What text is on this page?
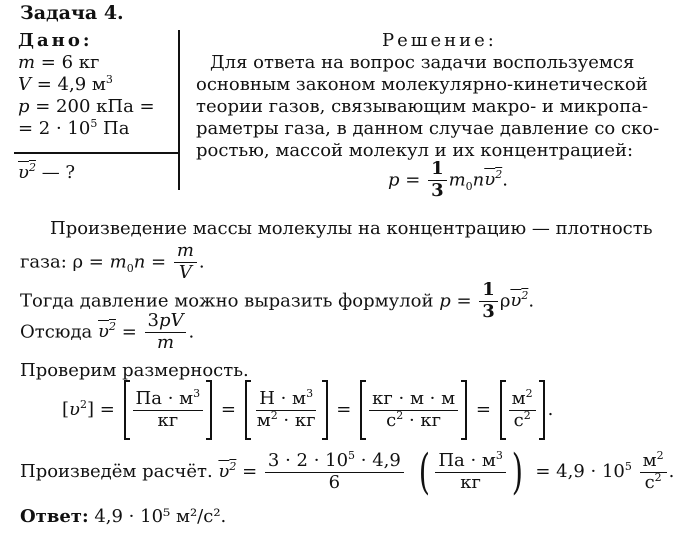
Задача 4.
Дано:
m = 6 кг
V = 4,9 $м^3$
p = 200 кПа =
= $2 \cdot 10^5$ Па
$\upsilon^2$ — ?
Решение:
Для ответа на вопрос задачи воспользуемся
основным законом молекулярно-кинетической
теории газов, связывающим макро- и микропа-
раметры газа, в данном случае давление со ско-
ростью, массой молекул и их концентрацией:
$p = \frac{1}{3} m_0n\upsilon^2$.
Произведение массы молекулы на концентрацию — плотность
газа: $\rho = m_0n = \frac{m}{V}$ .
Тогда давление можно выразить формулой $p = \frac{1}{3} \rho\upsilon^2$.
Отсюда $\upsilon^2 = \frac{3pV}{m}$ .
Проверим размерность.
$[\upsilon^2] = \frac{Па \cdot м^3}{кг} = \frac{Н \cdot м^3}{м^2 \cdot кг} = \frac{кг \cdot м \cdot м}{с^2 \cdot кг} = \frac{м^2}{с^2}$ .
Произведём расчёт. $\upsilon^2 = \frac{3 \cdot 2 \cdot 10^5 \cdot 4,9}{6}$
( $\frac{Па \cdot м^3}{кг}$ ) = $4,9 \cdot 10^5 \frac{м^2}{с^2}$ .
Ответ: 4,9 · 10⁵ м²/с².
